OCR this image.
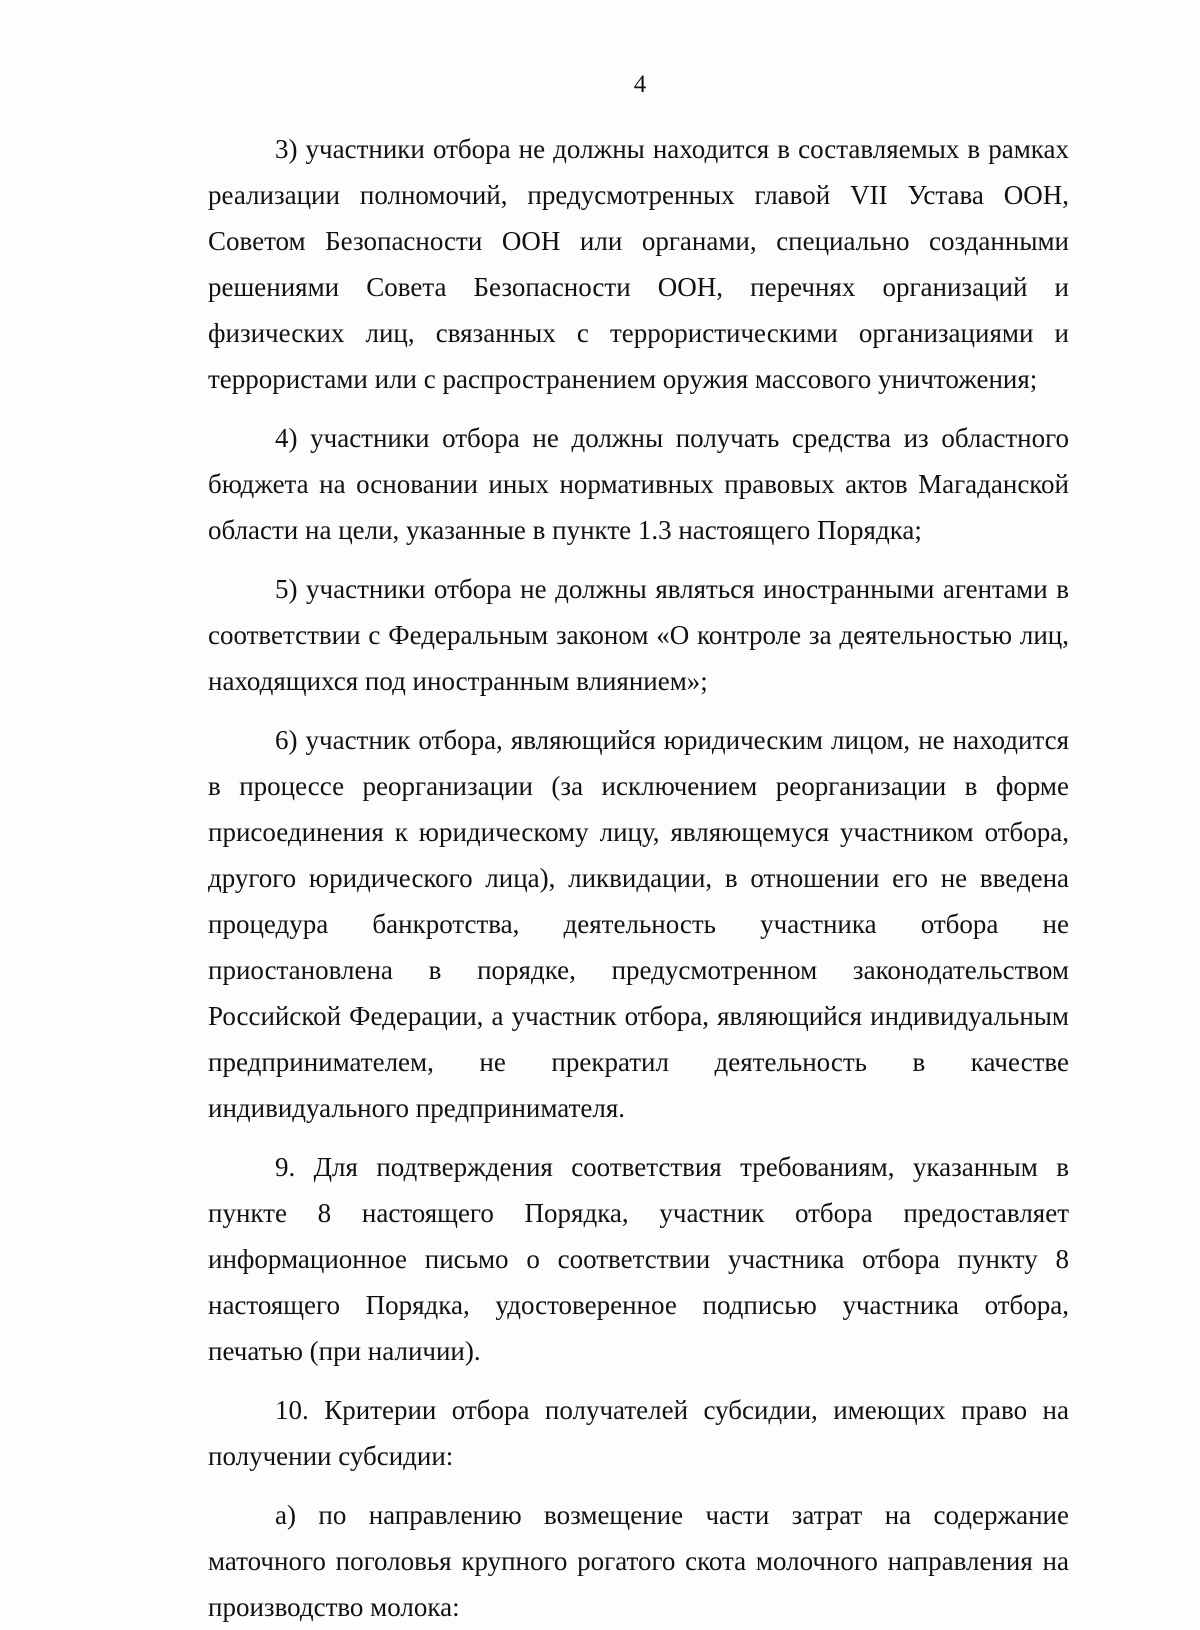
4

3) участники отбора не должны находится в составляемых в рамках реализации полномочий, предусмотренных главой VII Устава ООН, Советом Безопасности ООН или органами, специально созданными решениями Совета Безопасности ООН, перечнях организаций и физических лиц, связанных с террористическими организациями и террористами или с распространением оружия массового уничтожения;

4) участники отбора не должны получать средства из областного бюджета на основании иных нормативных правовых актов Магаданской области на цели, указанные в пункте 1.3 настоящего Порядка;

5) участники отбора не должны являться иностранными агентами в соответствии с Федеральным законом «О контроле за деятельностью лиц, находящихся под иностранным влиянием»;

6) участник отбора, являющийся юридическим лицом, не находится в процессе реорганизации (за исключением реорганизации в форме присоединения к юридическому лицу, являющемуся участником отбора, другого юридического лица), ликвидации, в отношении его не введена процедура банкротства, деятельность участника отбора не приостановлена в порядке, предусмотренном законодательством Российской Федерации, а участник отбора, являющийся индивидуальным предпринимателем, не прекратил деятельность в качестве индивидуального предпринимателя.

9. Для подтверждения соответствия требованиям, указанным в пункте 8 настоящего Порядка, участник отбора предоставляет информационное письмо о соответствии участника отбора пункту 8 настоящего Порядка, удостоверенное подписью участника отбора, печатью (при наличии).

10. Критерии отбора получателей субсидии, имеющих право на получении субсидии:

а) по направлению возмещение части затрат на содержание маточного поголовья крупного рогатого скота молочного направления на производство молока:
